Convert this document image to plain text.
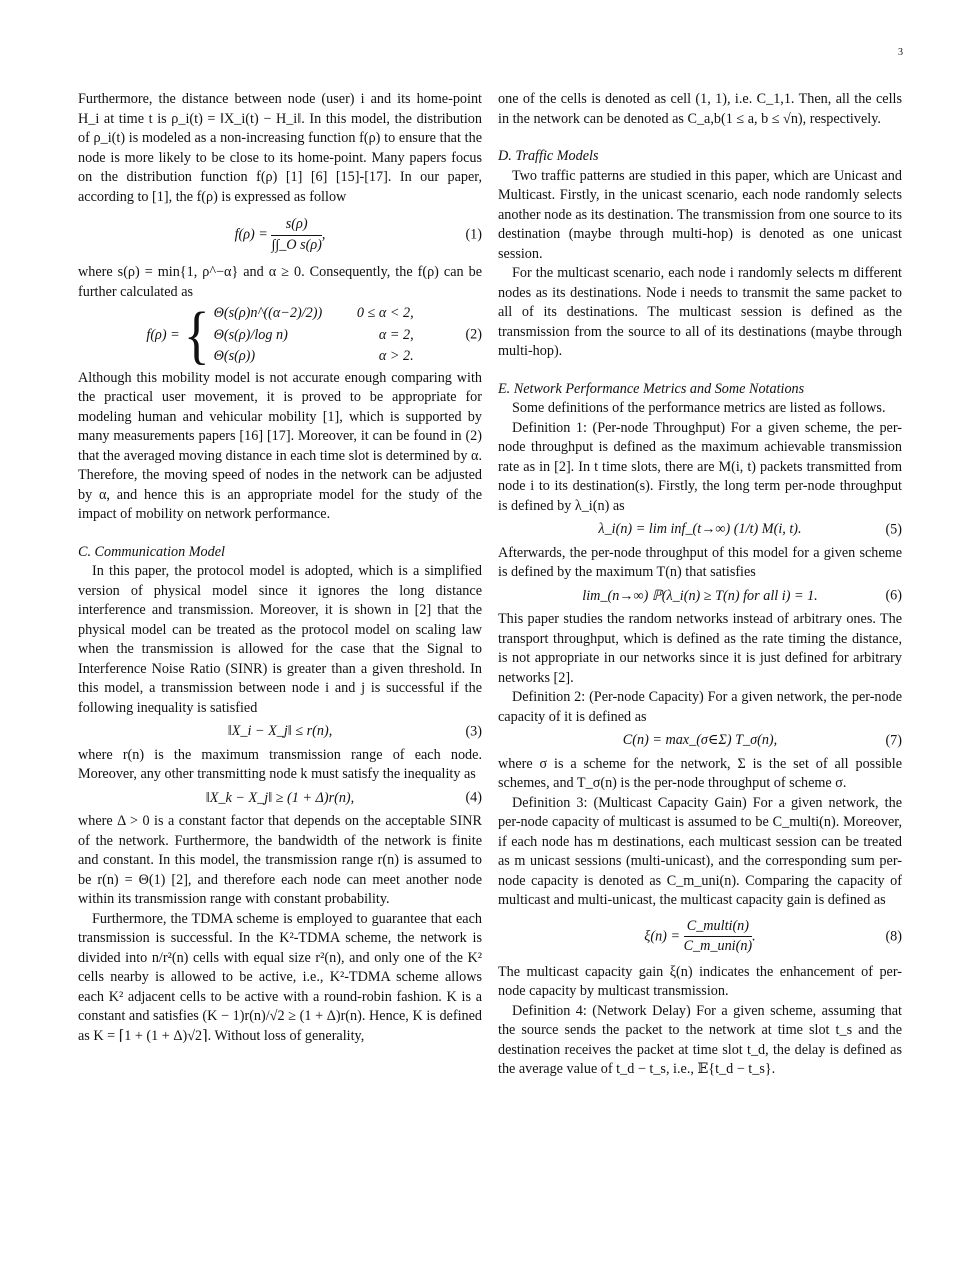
3

Furthermore, the distance between node (user) i and its home-point H_i at time t is ρ_i(t) = ‖X_i(t) − H_i‖. In this model, the distribution of ρ_i(t) is modeled as a non-increasing function f(ρ) to ensure that the node is more likely to be close to its home-point. Many papers focus on the distribution function f(ρ) [1] [6] [15]-[17]. In our paper, according to [1], the f(ρ) is expressed as follow

$f(\rho) = \frac{s(\rho)}{\text{∫∫\_O s(ρ)}}$ ,	(1)

where s(ρ) = min{1, ρ^−α} and α ≥ 0. Consequently, the f(ρ) can be further calculated as

f(ρ) = { Θ(s(ρ)n^((α−2)/2)) 0 ≤ α < 2,
Θ(s(ρ)/log n)	α = 2,
Θ(s(ρ))	α > 2.
(2)

Although this mobility model is not accurate enough comparing with the practical user movement, it is proved to be appropriate for modeling human and vehicular mobility [1], which is supported by many measurements papers [16] [17]. Moreover, it can be found in (2) that the averaged moving distance in each time slot is determined by α. Therefore, the moving speed of nodes in the network can be adjusted by α, and hence this is an appropriate model for the study of the impact of mobility on network performance.

C. Communication Model

In this paper, the protocol model is adopted, which is a simplified version of physical model since it ignores the long distance interference and transmission. Moreover, it is shown in [2] that the physical model can be treated as the protocol model on scaling law when the transmission is allowed for the case that the Signal to Interference Noise Ratio (SINR) is greater than a given threshold. In this model, a transmission between node i and j is successful if the following inequality is satisfied

‖X_i − X_j‖ ≤ r(n),	(3)

where r(n) is the maximum transmission range of each node. Moreover, any other transmitting node k must satisfy the inequality as

‖X_k − X_j‖ ≥ (1 + Δ)r(n),	(4)

where Δ > 0 is a constant factor that depends on the acceptable SINR of the network. Furthermore, the bandwidth of the network is finite and constant. In this model, the transmission range r(n) is assumed to be r(n) = Θ(1) [2], and therefore each node can meet another node within its transmission range with constant probability.

Furthermore, the TDMA scheme is employed to guarantee that each transmission is successful. In the K²-TDMA scheme, the network is divided into n/r²(n) cells with equal size r²(n), and only one of the K² cells nearby is allowed to be active, i.e., K²-TDMA scheme allows each K² adjacent cells to be active with a round-robin fashion. K is a constant and satisfies (K − 1)r(n)/√2 ≥ (1 + Δ)r(n). Hence, K is defined as K = ⌈1 + (1 + Δ)√2⌉. Without loss of generality,

one of the cells is denoted as cell (1, 1), i.e. C_1,1. Then, all the cells in the network can be denoted as C_a,b(1 ≤ a, b ≤ √n), respectively.

D. Traffic Models

Two traffic patterns are studied in this paper, which are Unicast and Multicast. Firstly, in the unicast scenario, each node randomly selects another node as its destination. The transmission from one source to its destination (maybe through multi-hop) is denoted as one unicast session.

For the multicast scenario, each node i randomly selects m different nodes as its destinations. Node i needs to transmit the same packet to all of its destinations. The multicast session is defined as the transmission from the source to all of its destinations (maybe through multi-hop).

E. Network Performance Metrics and Some Notations

Some definitions of the performance metrics are listed as follows.

Definition 1: (Per-node Throughput) For a given scheme, the per-node throughput is defined as the maximum achievable transmission rate as in [2]. In t time slots, there are M(i, t) packets transmitted from node i to its destination(s). Firstly, the long term per-node throughput is defined by λ_i(n) as

λ_i(n) = lim inf_(t→∞) (1/t) M(i, t).	(5)

Afterwards, the per-node throughput of this model for a given scheme is defined by the maximum T(n) that satisfies

lim_(n→∞) ℙ(λ_i(n) ≥ T(n) for all i) = 1.	(6)

This paper studies the random networks instead of arbitrary ones. The transport throughput, which is defined as the rate timing the distance, is not appropriate in our networks since it is just defined for arbitrary networks [2].

Definition 2: (Per-node Capacity) For a given network, the per-node capacity of it is defined as

C(n) = max_(σ∈Σ) T_σ(n),	(7)

where σ is a scheme for the network, Σ is the set of all possible schemes, and T_σ(n) is the per-node throughput of scheme σ.

Definition 3: (Multicast Capacity Gain) For a given network, the per-node capacity of multicast is assumed to be C_multi(n). Moreover, if each node has m destinations, each multicast session can be treated as m unicast sessions (multi-unicast), and the corresponding sum per-node capacity is denoted as C_m_uni(n). Comparing the capacity of multicast and multi-unicast, the multicast capacity gain is defined as

$\xi(n) = \frac{\text{C\_multi(n)}}{\text{C\_m\_uni(n)}}$ .	(8)

The multicast capacity gain ξ(n) indicates the enhancement of per-node capacity by multicast transmission.

Definition 4: (Network Delay) For a given scheme, assuming that the source sends the packet to the network at time slot t_s and the destination receives the packet at time slot t_d, the delay is defined as the average value of t_d − t_s, i.e., 𝔼{t_d − t_s}.
